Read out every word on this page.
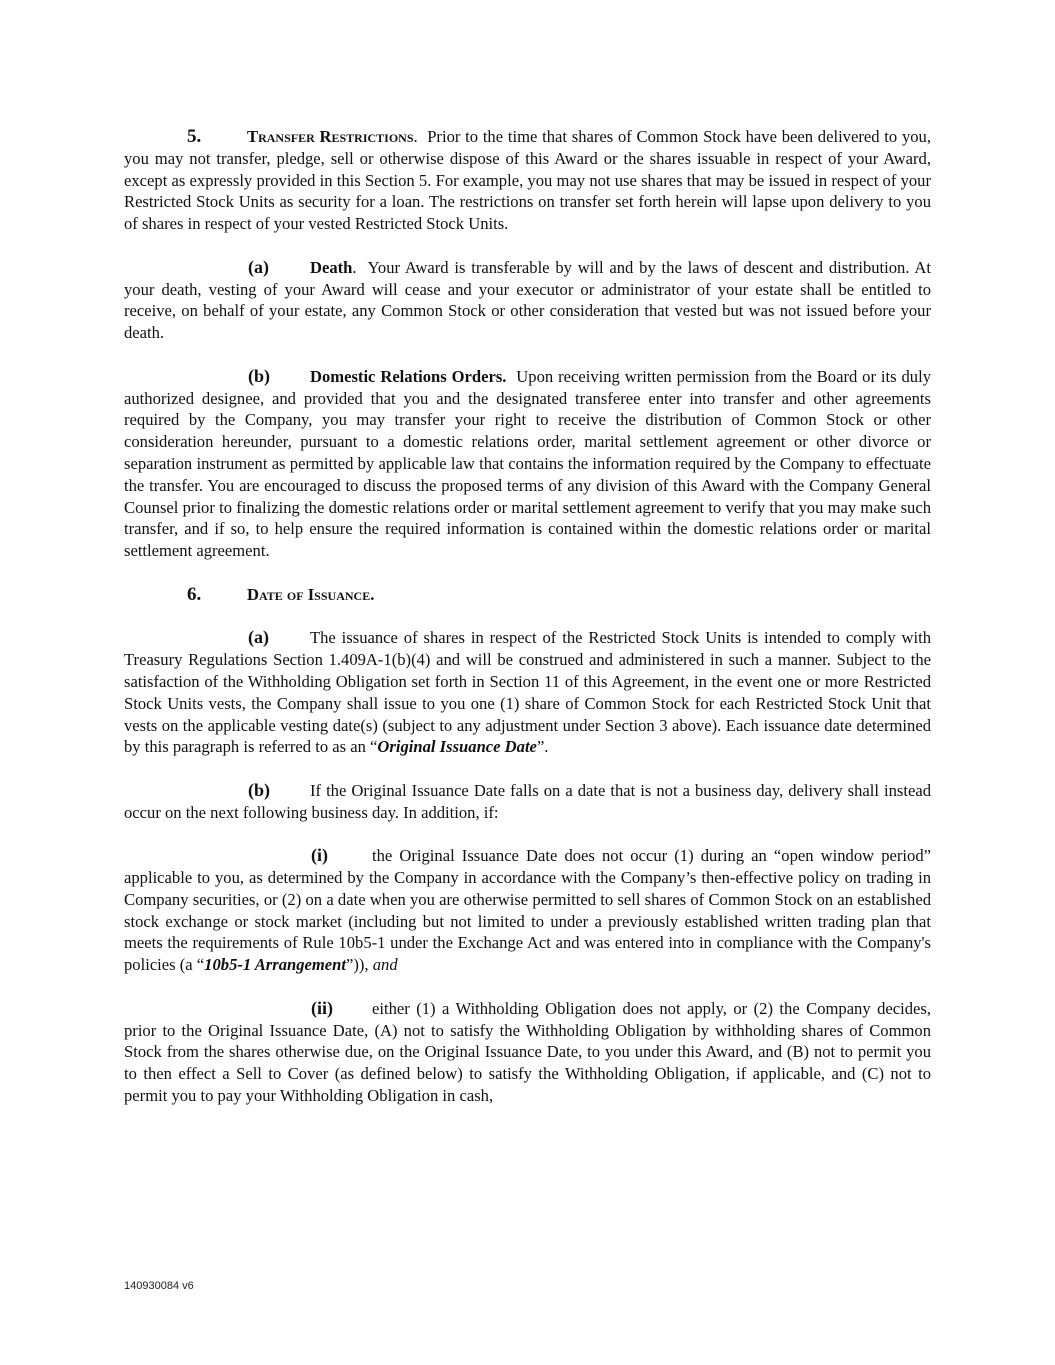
5.	Transfer Restrictions. Prior to the time that shares of Common Stock have been delivered to you, you may not transfer, pledge, sell or otherwise dispose of this Award or the shares issuable in respect of your Award, except as expressly provided in this Section 5. For example, you may not use shares that may be issued in respect of your Restricted Stock Units as security for a loan. The restrictions on transfer set forth herein will lapse upon delivery to you of shares in respect of your vested Restricted Stock Units.

(a) Death. Your Award is transferable by will and by the laws of descent and distribution. At your death, vesting of your Award will cease and your executor or administrator of your estate shall be entitled to receive, on behalf of your estate, any Common Stock or other consideration that vested but was not issued before your death.

(b) Domestic Relations Orders. Upon receiving written permission from the Board or its duly authorized designee, and provided that you and the designated transferee enter into transfer and other agreements required by the Company, you may transfer your right to receive the distribution of Common Stock or other consideration hereunder, pursuant to a domestic relations order, marital settlement agreement or other divorce or separation instrument as permitted by applicable law that contains the information required by the Company to effectuate the transfer. You are encouraged to discuss the proposed terms of any division of this Award with the Company General Counsel prior to finalizing the domestic relations order or marital settlement agreement to verify that you may make such transfer, and if so, to help ensure the required information is contained within the domestic relations order or marital settlement agreement.

6.	Date of Issuance.

(a) The issuance of shares in respect of the Restricted Stock Units is intended to comply with Treasury Regulations Section 1.409A-1(b)(4) and will be construed and administered in such a manner. Subject to the satisfaction of the Withholding Obligation set forth in Section 11 of this Agreement, in the event one or more Restricted Stock Units vests, the Company shall issue to you one (1) share of Common Stock for each Restricted Stock Unit that vests on the applicable vesting date(s) (subject to any adjustment under Section 3 above). Each issuance date determined by this paragraph is referred to as an “Original Issuance Date”.

(b) If the Original Issuance Date falls on a date that is not a business day, delivery shall instead occur on the next following business day. In addition, if:

(i)	the Original Issuance Date does not occur (1) during an “open window period” applicable to you, as determined by the Company in accordance with the Company’s then-effective policy on trading in Company securities, or (2) on a date when you are otherwise permitted to sell shares of Common Stock on an established stock exchange or stock market (including but not limited to under a previously established written trading plan that meets the requirements of Rule 10b5-1 under the Exchange Act and was entered into in compliance with the Company's policies (a “10b5-1 Arrangement”)), and

(ii) either (1) a Withholding Obligation does not apply, or (2) the Company decides, prior to the Original Issuance Date, (A) not to satisfy the Withholding Obligation by withholding shares of Common Stock from the shares otherwise due, on the Original Issuance Date, to you under this Award, and (B) not to permit you to then effect a Sell to Cover (as defined below) to satisfy the Withholding Obligation, if applicable, and (C) not to permit you to pay your Withholding Obligation in cash,

140930084 v6
